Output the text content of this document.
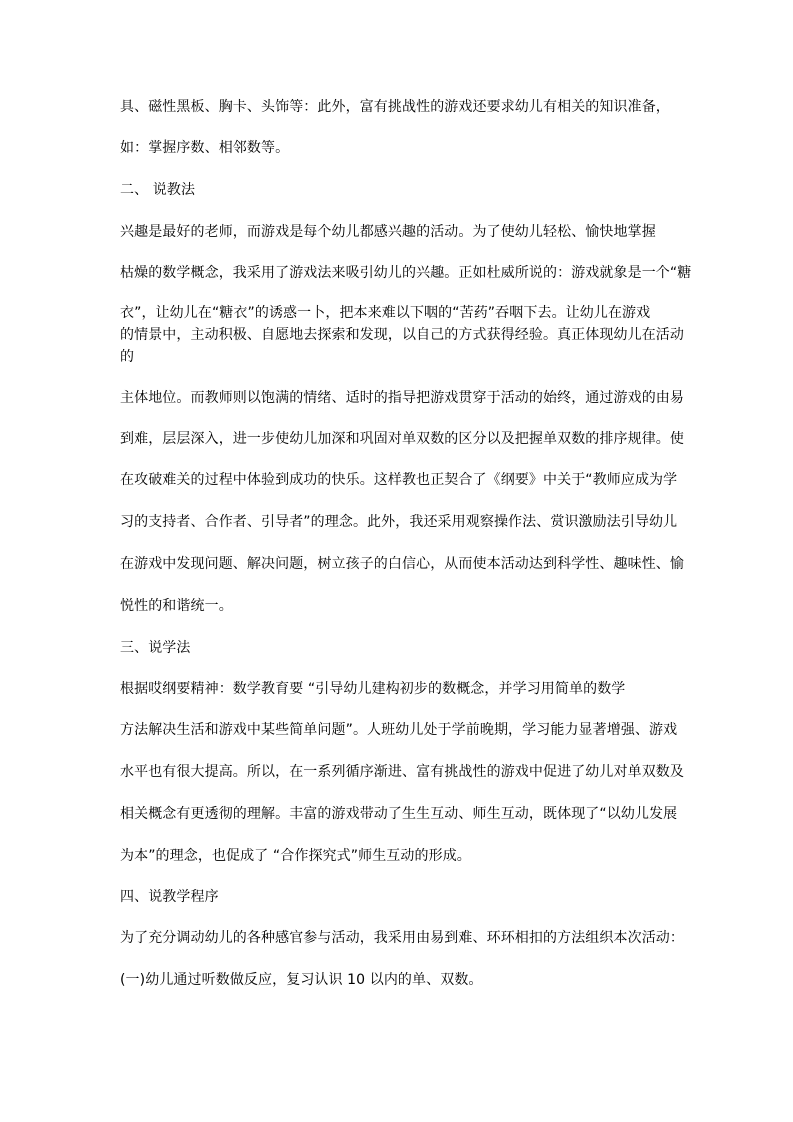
具、磁性黑板、胸卡、头饰等：此外，富有挑战性的游戏还要求幼儿有相关的知识准备，
如：掌握序数、相邻数等。
二、 说教法
兴趣是最好的老师，而游戏是每个幼儿都感兴趣的活动。为了使幼儿轻松、愉快地掌握
枯燥的数学概念，我采用了游戏法来吸引幼儿的兴趣。正如杜威所说的：游戏就象是一个“糖
衣”，让幼儿在“糖衣”的诱惑一卜，把本来难以下咽的“苦药”吞咽下去。让幼儿在游戏
的情景中，主动积极、自愿地去探索和发现，以自己的方式获得经验。真正体现幼儿在活动
的
主体地位。而教师则以饱满的情绪、适时的指导把游戏贯穿于活动的始终，通过游戏的由易
到难，层层深入，进一步使幼儿加深和巩固对单双数的区分以及把握单双数的排序规律。使
在攻破难关的过程中体验到成功的快乐。这样教也正契合了《纲要》中关于“教师应成为学
习的支持者、合作者、引导者”的理念。此外，我还采用观察操作法、赏识激励法引导幼儿
在游戏中发现问题、解决问题，树立孩子的白信心，从而使本活动达到科学性、趣味性、愉
悦性的和谐统一。
三、说学法
根据哎纲要精神：数学教育要 “引导幼儿建构初步的数概念，并学习用简单的数学
方法解决生活和游戏中某些简单问题”。人班幼儿处于学前晚期，学习能力显著增强、游戏
水平也有很大提高。所以，在一系列循序渐进、富有挑战性的游戏中促进了幼儿对单双数及
相关概念有更透彻的理解。丰富的游戏带动了生生互动、师生互动，既体现了“以幼儿发展
为本”的理念，也促成了 “合作探究式”师生互动的形成。
四、说教学程序
为了充分调动幼儿的各种感官参与活动，我采用由易到难、环环相扣的方法组织本次活动：
(一)幼儿通过听数做反应，复习认识 10 以内的单、双数。
